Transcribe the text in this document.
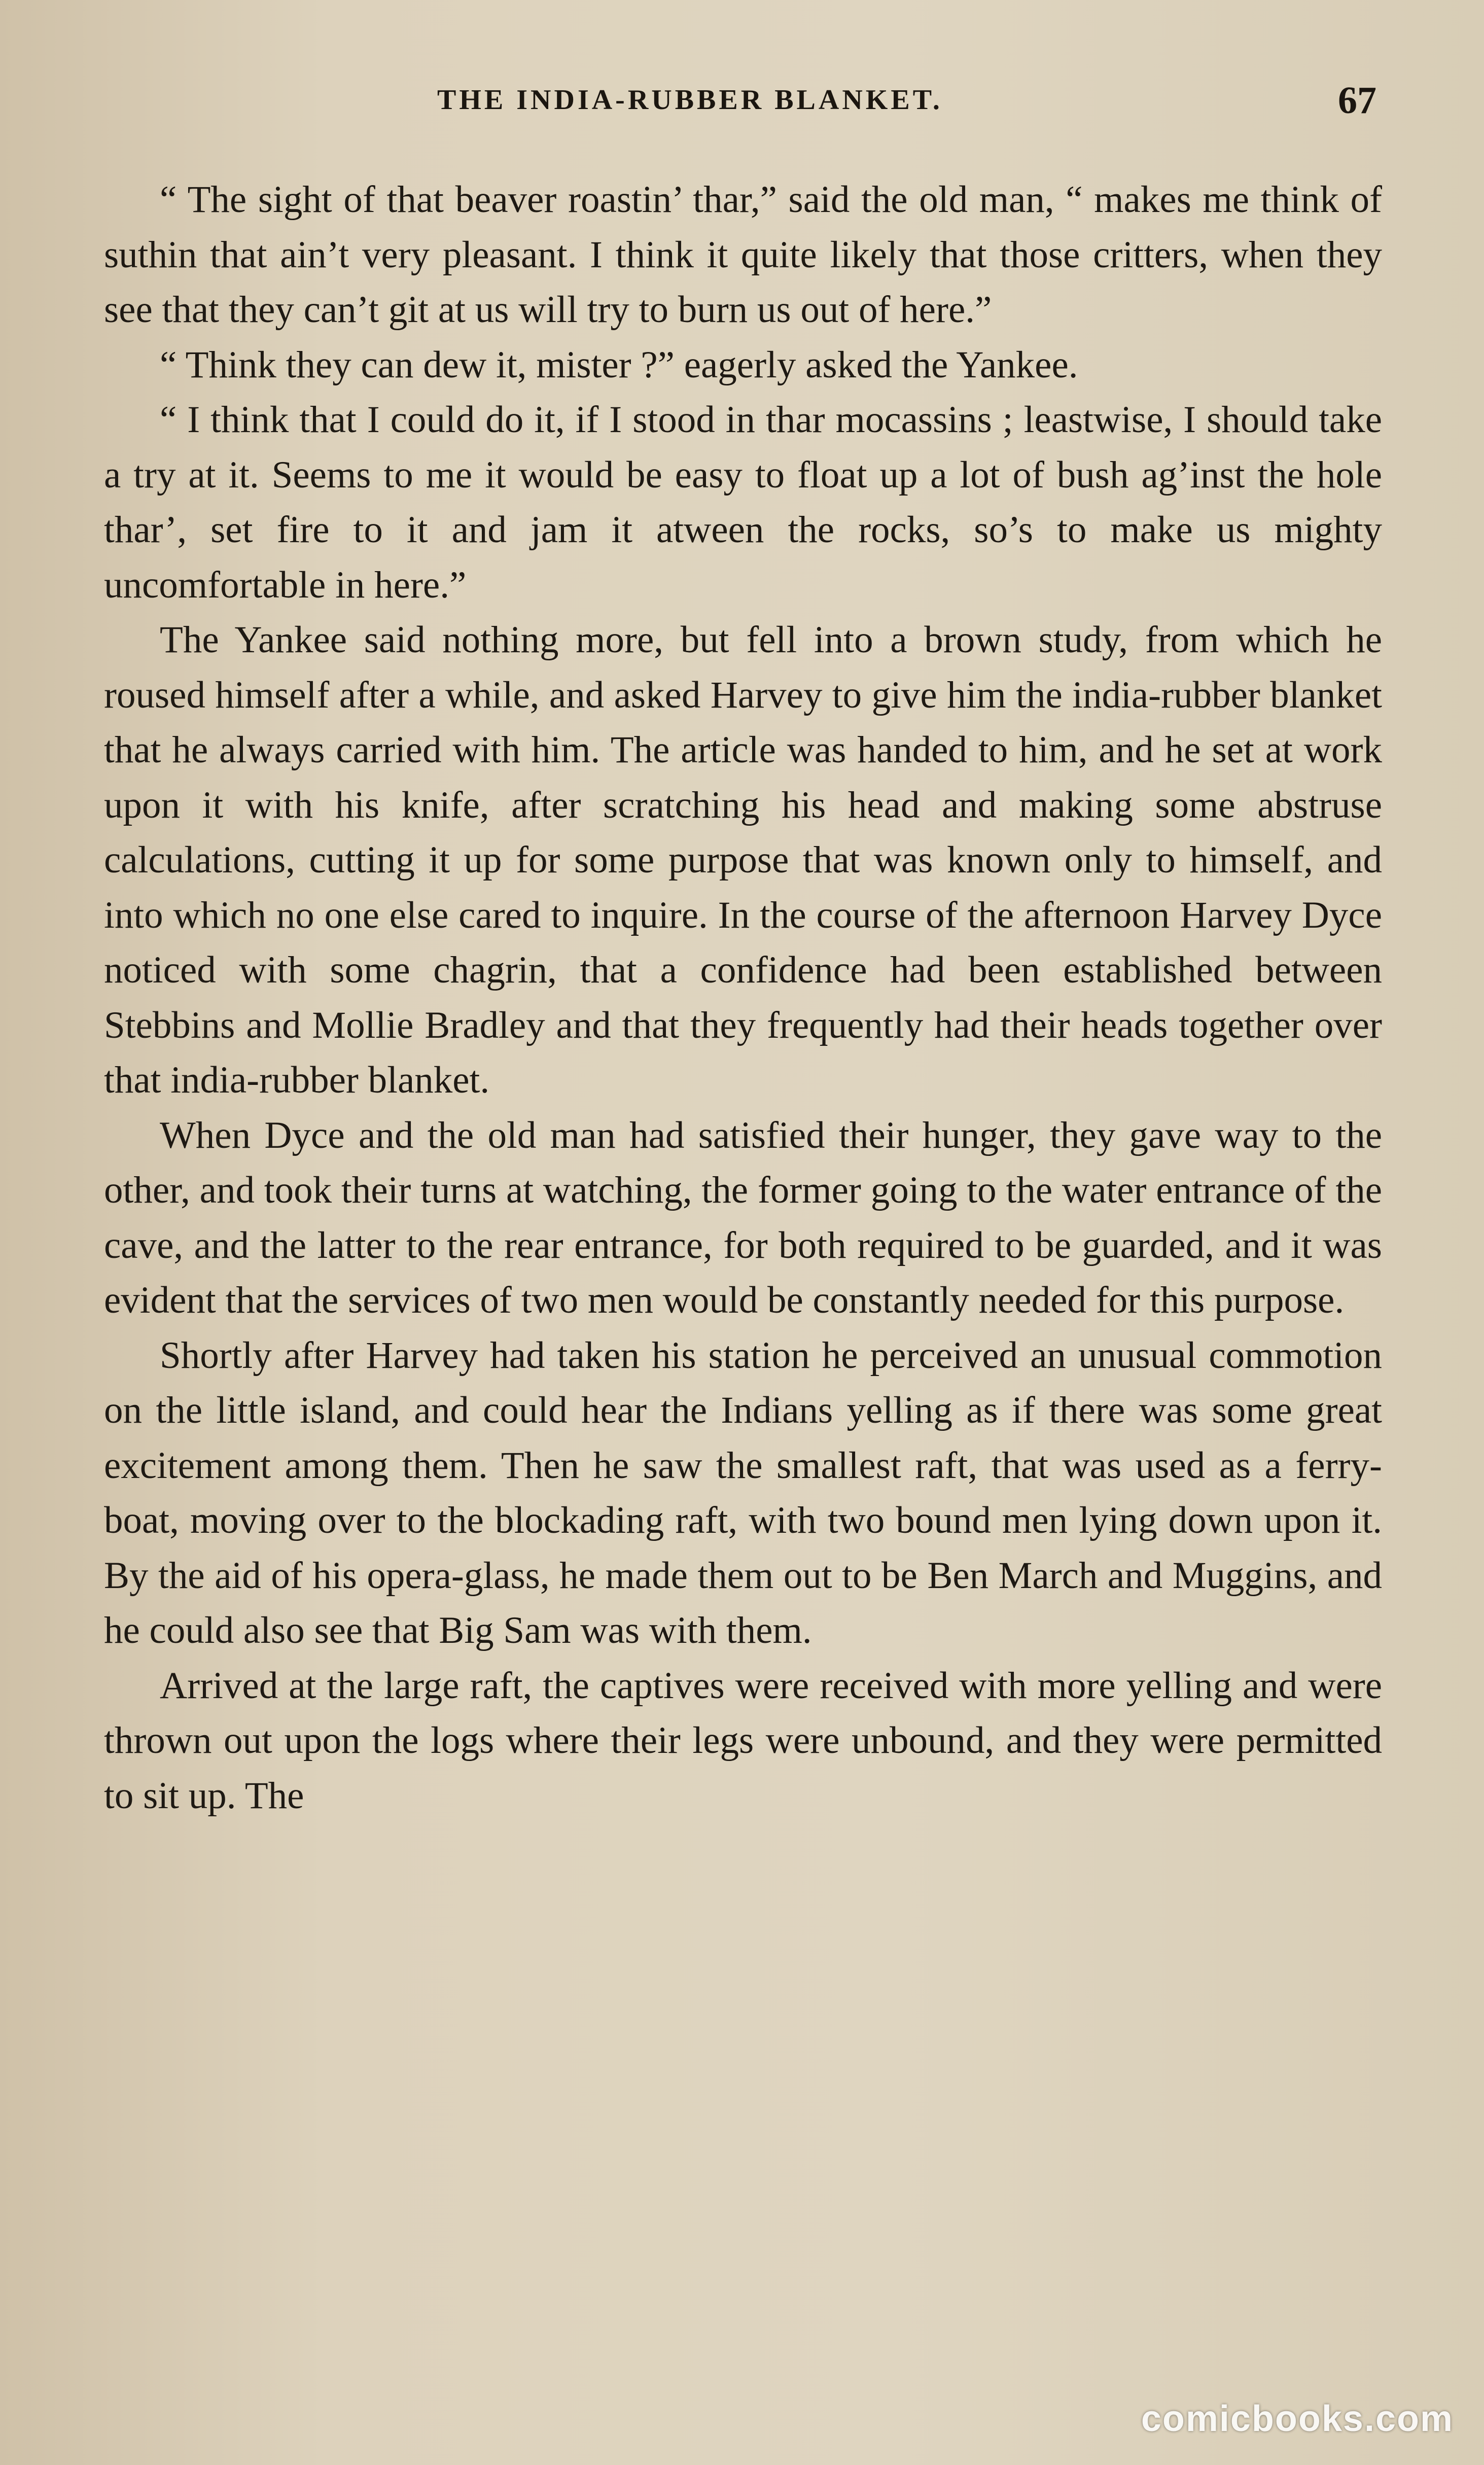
THE INDIA-RUBBER BLANKET.	67

“ The sight of that beaver roastin’ thar,” said the old man, “ makes me think of suthin that ain’t very pleasant. I think it quite likely that those critters, when they see that they can’t git at us will try to burn us out of here.”

“ Think they can dew it, mister ?” eagerly asked the Yankee.

“ I think that I could do it, if I stood in thar mocassins ; leastwise, I should take a try at it. Seems to me it would be easy to float up a lot of bush ag’inst the hole thar’, set fire to it and jam it atween the rocks, so’s to make us mighty uncomfortable in here.”

The Yankee said nothing more, but fell into a brown study, from which he roused himself after a while, and asked Harvey to give him the india-rubber blanket that he always carried with him. The article was handed to him, and he set at work upon it with his knife, after scratching his head and making some abstruse calculations, cutting it up for some purpose that was known only to himself, and into which no one else cared to inquire. In the course of the afternoon Harvey Dyce noticed with some chagrin, that a confidence had been established between Stebbins and Mollie Bradley and that they frequently had their heads together over that india-rubber blanket.

When Dyce and the old man had satisfied their hunger, they gave way to the other, and took their turns at watching, the former going to the water entrance of the cave, and the latter to the rear entrance, for both required to be guarded, and it was evident that the services of two men would be constantly needed for this purpose.

Shortly after Harvey had taken his station he perceived an unusual commotion on the little island, and could hear the Indians yelling as if there was some great excitement among them. Then he saw the smallest raft, that was used as a ferry-boat, moving over to the blockading raft, with two bound men lying down upon it. By the aid of his opera-glass, he made them out to be Ben March and Muggins, and he could also see that Big Sam was with them.

Arrived at the large raft, the captives were received with more yelling and were thrown out upon the logs where their legs were unbound, and they were permitted to sit up. The

comicbooks.com
